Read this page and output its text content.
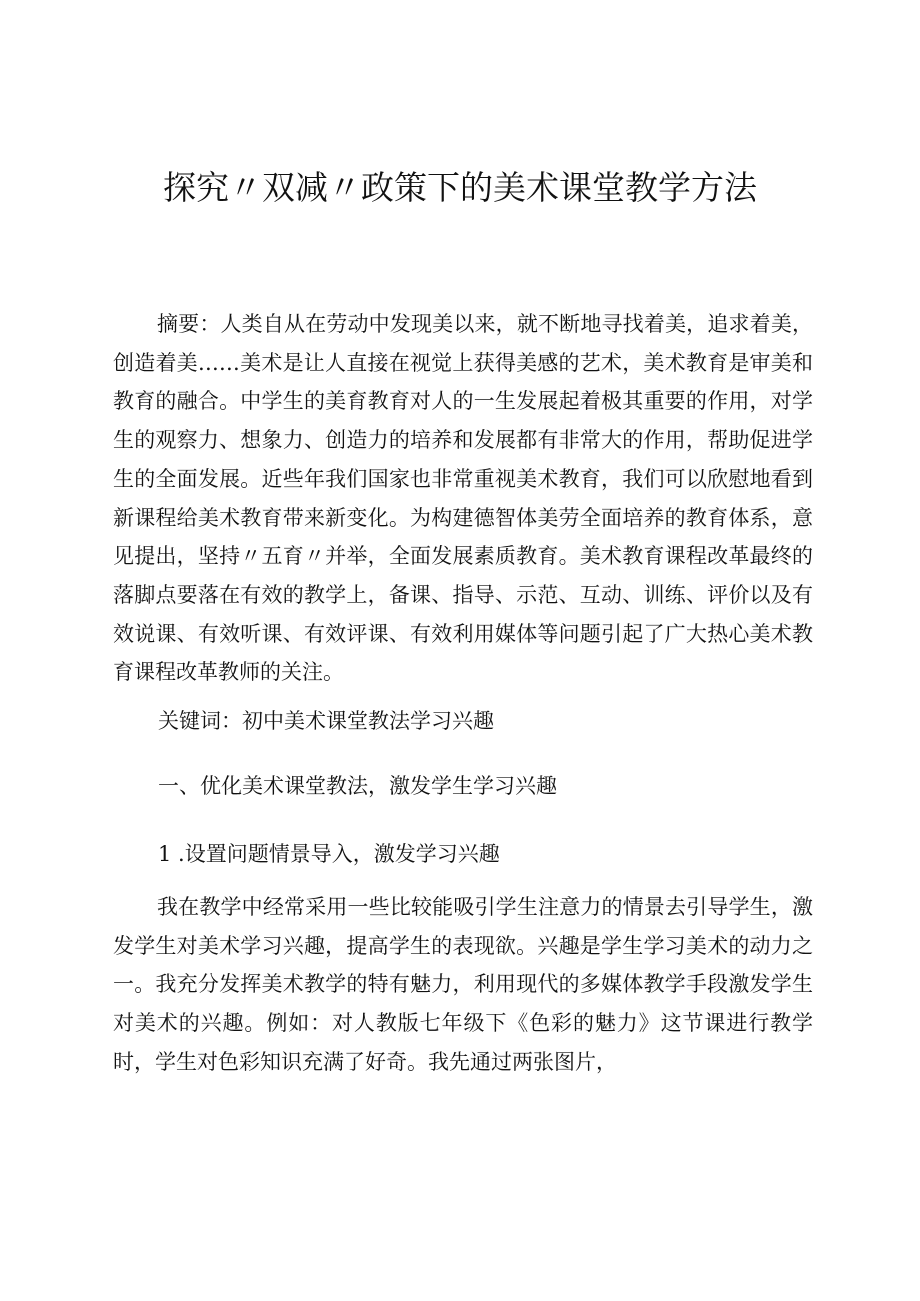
探究〃双减〃政策下的美术课堂教学方法

摘要：人类自从在劳动中发现美以来，就不断地寻找着美，追求着美，创造着美……美术是让人直接在视觉上获得美感的艺术，美术教育是审美和教育的融合。中学生的美育教育对人的一生发展起着极其重要的作用，对学生的观察力、想象力、创造力的培养和发展都有非常大的作用，帮助促进学生的全面发展。近些年我们国家也非常重视美术教育，我们可以欣慰地看到新课程给美术教育带来新变化。为构建德智体美劳全面培养的教育体系，意见提出，坚持〃五育〃并举，全面发展素质教育。美术教育课程改革最终的落脚点要落在有效的教学上，备课、指导、示范、互动、训练、评价以及有效说课、有效听课、有效评课、有效利用媒体等问题引起了广大热心美术教育课程改革教师的关注。

关键词：初中美术课堂教法学习兴趣

一、优化美术课堂教法，激发学生学习兴趣

1 .设置问题情景导入，激发学习兴趣

我在教学中经常采用一些比较能吸引学生注意力的情景去引导学生，激发学生对美术学习兴趣，提高学生的表现欲。兴趣是学生学习美术的动力之一。我充分发挥美术教学的特有魅力，利用现代的多媒体教学手段激发学生对美术的兴趣。例如：对人教版七年级下《色彩的魅力》这节课进行教学时，学生对色彩知识充满了好奇。我先通过两张图片，
